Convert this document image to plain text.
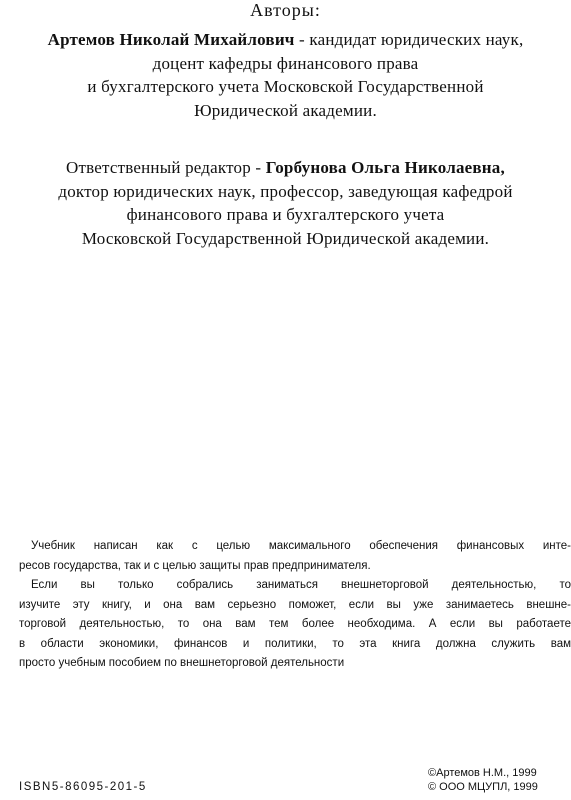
Авторы:
Артемов Николай Михайлович - кандидат юридических наук,
доцент кафедры финансового права
и бухгалтерского учета Московской Государственной
Юридической академии.
Ответственный редактор - Горбунова Ольга Николаевна,
доктор юридических наук, профессор, заведующая кафедрой
финансового права и бухгалтерского учета
Московской Государственной Юридической академии.
Учебник написан как с целью максимального обеспечения финансовых инте-
ресов государства, так и с целью защиты прав предпринимателя.
Если вы только собрались заниматься внешнеторговой деятельностью, то
изучите эту книгу, и она вам серьезно поможет, если вы уже занимаетесь внешне-
торговой деятельностью, то она вам тем более необходима. А если вы работаете
в области экономики, финансов и политики, то эта книга должна служить вам
просто учебным пособием по внешнеторговой деятельности
ISBN5-86095-201-5
©Артемов Н.М., 1999
© ООО МЦУПЛ, 1999
